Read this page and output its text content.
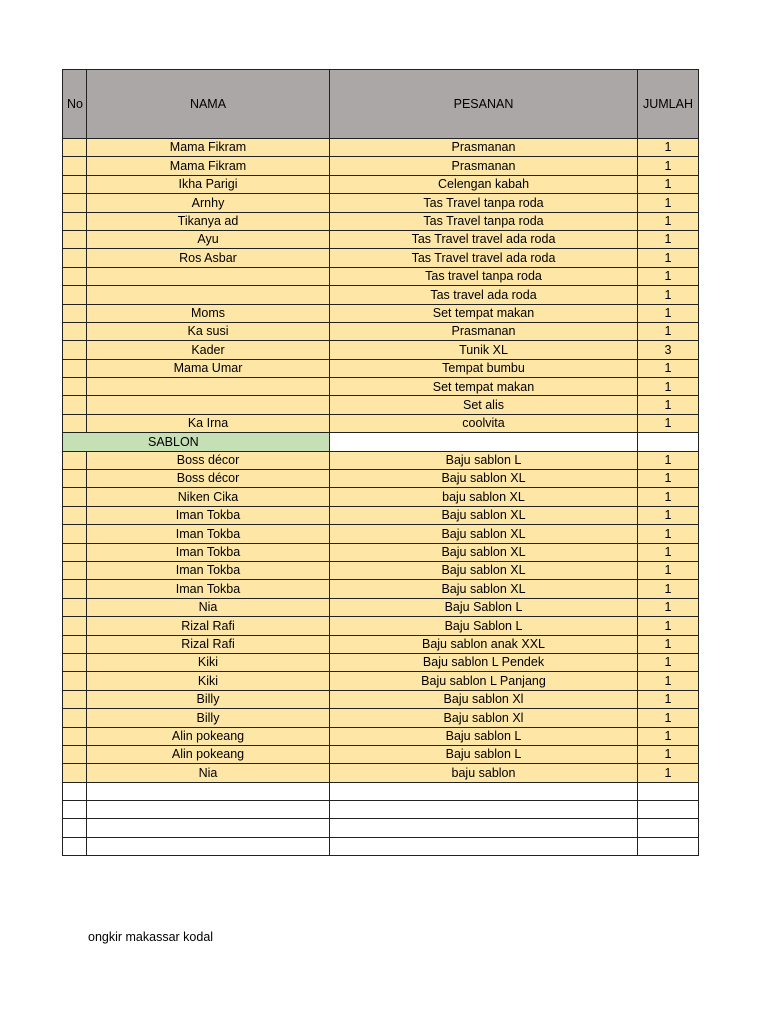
No	NAMA	PESANAN	JUMLAH
	Mama Fikram	Prasmanan	1
	Mama Fikram	Prasmanan	1
	Ikha Parigi	Celengan kabah	1
	Arnhy	Tas Travel tanpa roda	1
	Tikanya ad	Tas Travel tanpa roda	1
	Ayu	Tas Travel travel ada roda	1
	Ros Asbar	Tas Travel travel ada roda	1
		Tas travel tanpa roda	1
		Tas travel ada roda	1
	Moms	Set tempat makan	1
	Ka susi	Prasmanan	1
	Kader	Tunik XL	3
	Mama Umar	Tempat bumbu	1
		Set tempat makan	1
		Set alis	1
	Ka Irna	coolvita	1
SABLON			
	Boss décor	Baju sablon L	1
	Boss décor	Baju sablon XL	1
	Niken Cika	baju sablon XL	1
	Iman Tokba	Baju sablon XL	1
	Iman Tokba	Baju sablon XL	1
	Iman Tokba	Baju sablon XL	1
	Iman Tokba	Baju sablon XL	1
	Iman Tokba	Baju sablon XL	1
	Nia	Baju Sablon L	1
	Rizal Rafi	Baju Sablon L	1
	Rizal Rafi	Baju sablon anak XXL	1
	Kiki	Baju sablon L Pendek	1
	Kiki	Baju sablon L Panjang	1
	Billy	Baju sablon Xl	1
	Billy	Baju sablon Xl	1
	Alin pokeang	Baju sablon L	1
	Alin pokeang	Baju sablon L	1
	Nia	baju sablon	1

ongkir makassar kodal
